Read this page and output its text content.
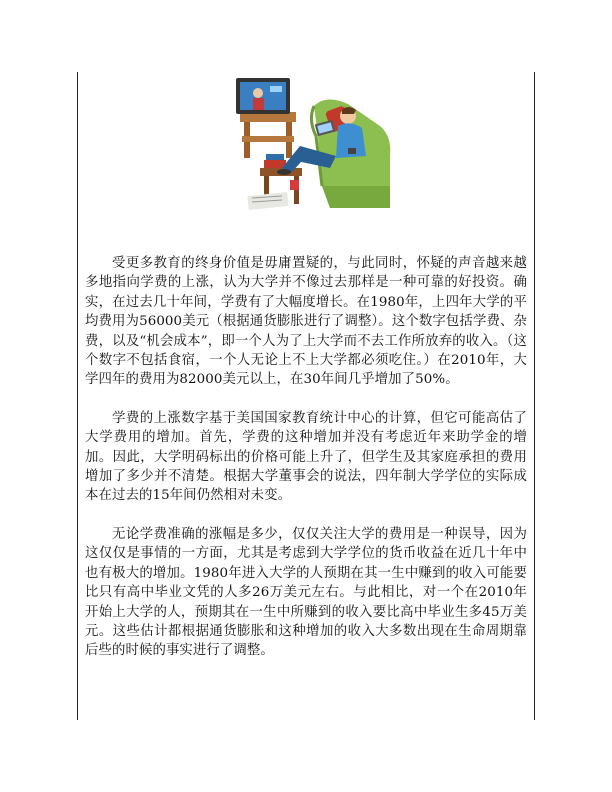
受更多教育的终身价值是毋庸置疑的，与此同时，怀疑的声音越来越多地指向学费的上涨，认为大学并不像过去那样是一种可靠的好投资。确实，在过去几十年间，学费有了大幅度增长。在1980年，上四年大学的平均费用为56000美元（根据通货膨胀进行了调整）。这个数字包括学费、杂费，以及“机会成本”，即一个人为了上大学而不去工作所放弃的收入。（这个数字不包括食宿，一个人无论上不上大学都必须吃住。）在2010年，大学四年的费用为82000美元以上，在30年间几乎增加了50%。

学费的上涨数字基于美国国家教育统计中心的计算，但它可能高估了大学费用的增加。首先，学费的这种增加并没有考虑近年来助学金的增加。因此，大学明码标出的价格可能上升了，但学生及其家庭承担的费用增加了多少并不清楚。根据大学董事会的说法，四年制大学学位的实际成本在过去的15年间仍然相对未变。

无论学费准确的涨幅是多少，仅仅关注大学的费用是一种误导，因为这仅仅是事情的一方面，尤其是考虑到大学学位的货币收益在近几十年中也有极大的增加。1980年进入大学的人预期在其一生中赚到的收入可能要比只有高中毕业文凭的人多26万美元左右。与此相比，对一个在2010年开始上大学的人，预期其在一生中所赚到的收入要比高中毕业生多45万美元。这些估计都根据通货膨胀和这种增加的收入大多数出现在生命周期靠后些的时候的事实进行了调整。
